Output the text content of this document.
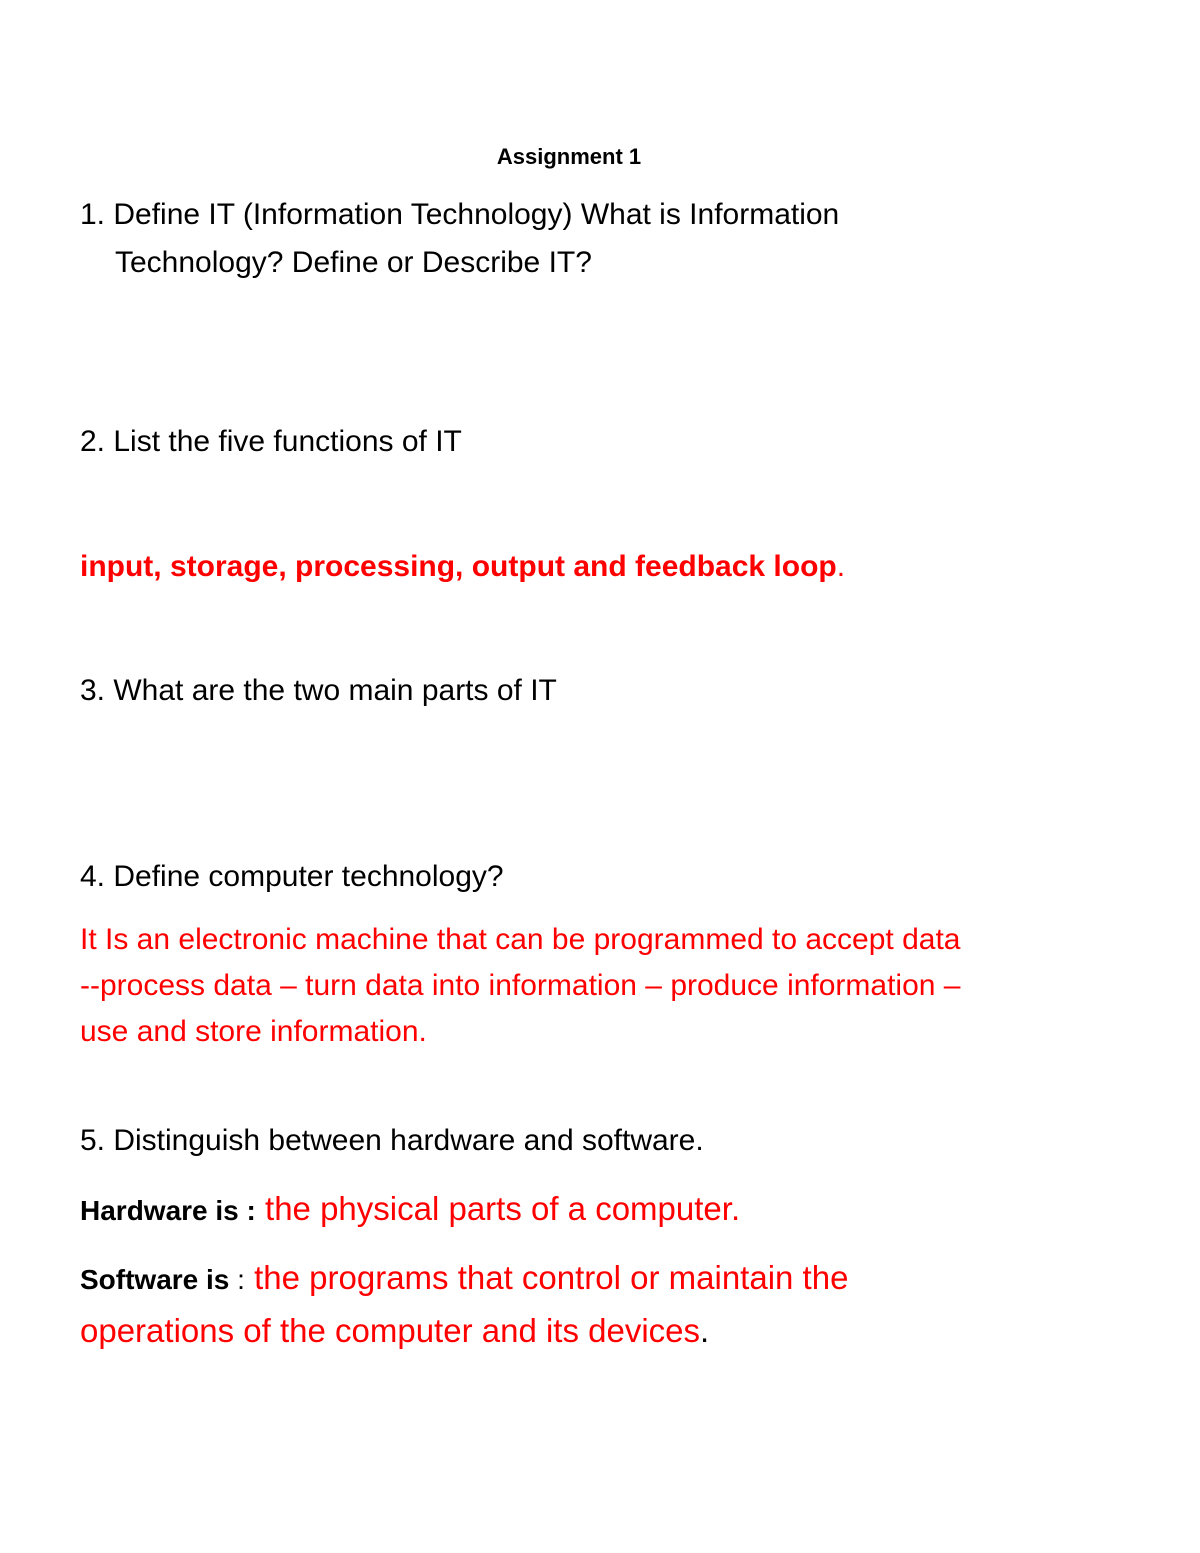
Assignment 1

1. Define IT (Information Technology) What is Information

Technology? Define or Describe IT?

2. List the five functions of IT

input, storage, processing, output and feedback loop.

3. What are the two main parts of IT

4. Define computer technology?

It Is an electronic machine that can be programmed to accept data

--process data – turn data into information – produce information –

use and store information.

5. Distinguish between hardware and software.

Hardware is : the physical parts of a computer.

Software is : the programs that control or maintain the

operations of the computer and its devices.
